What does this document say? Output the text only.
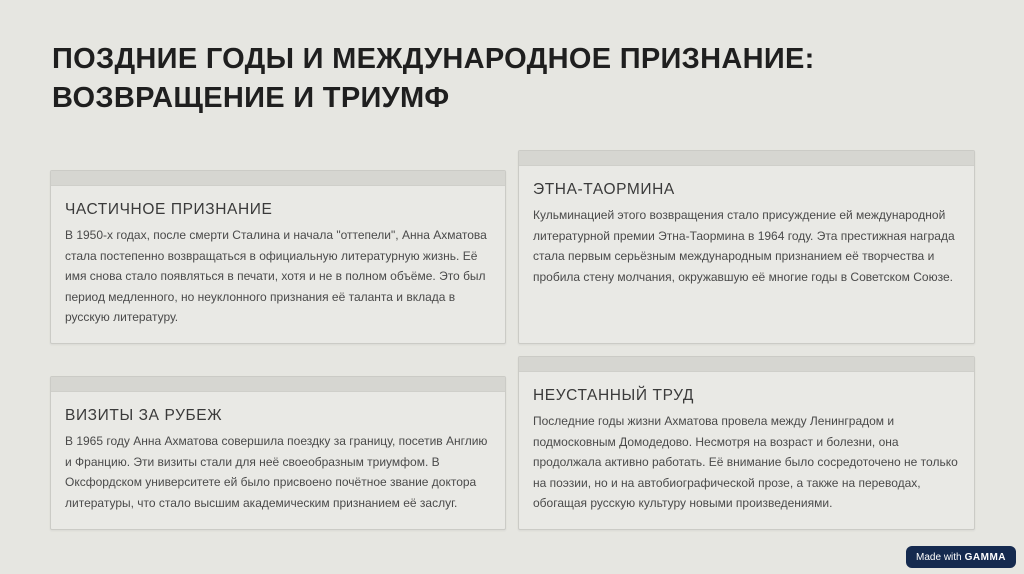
ПОЗДНИЕ ГОДЫ И МЕЖДУНАРОДНОЕ ПРИЗНАНИЕ:
ВОЗВРАЩЕНИЕ И ТРИУМФ
ЧАСТИЧНОЕ ПРИЗНАНИЕ

В 1950-х годах, после смерти Сталина и начала "оттепели", Анна Ахматова стала постепенно возвращаться в официальную литературную жизнь. Её имя снова стало появляться в печати, хотя и не в полном объёме. Это был период медленного, но неуклонного признания её таланта и вклада в русскую литературу.

ЭТНА-ТАОРМИНА

Кульминацией этого возвращения стало присуждение ей международной литературной премии Этна-Таормина в 1964 году. Эта престижная награда стала первым серьёзным международным признанием её творчества и пробила стену молчания, окружавшую её многие годы в Советском Союзе.

ВИЗИТЫ ЗА РУБЕЖ

В 1965 году Анна Ахматова совершила поездку за границу, посетив Англию и Францию. Эти визиты стали для неё своеобразным триумфом. В Оксфордском университете ей было присвоено почётное звание доктора литературы, что стало высшим академическим признанием её заслуг.

НЕУСТАННЫЙ ТРУД

Последние годы жизни Ахматова провела между Ленинградом и подмосковным Домодедово. Несмотря на возраст и болезни, она продолжала активно работать. Её внимание было сосредоточено не только на поэзии, но и на автобиографической прозе, а также на переводах, обогащая русскую культуру новыми произведениями.

Made with GAMMA
